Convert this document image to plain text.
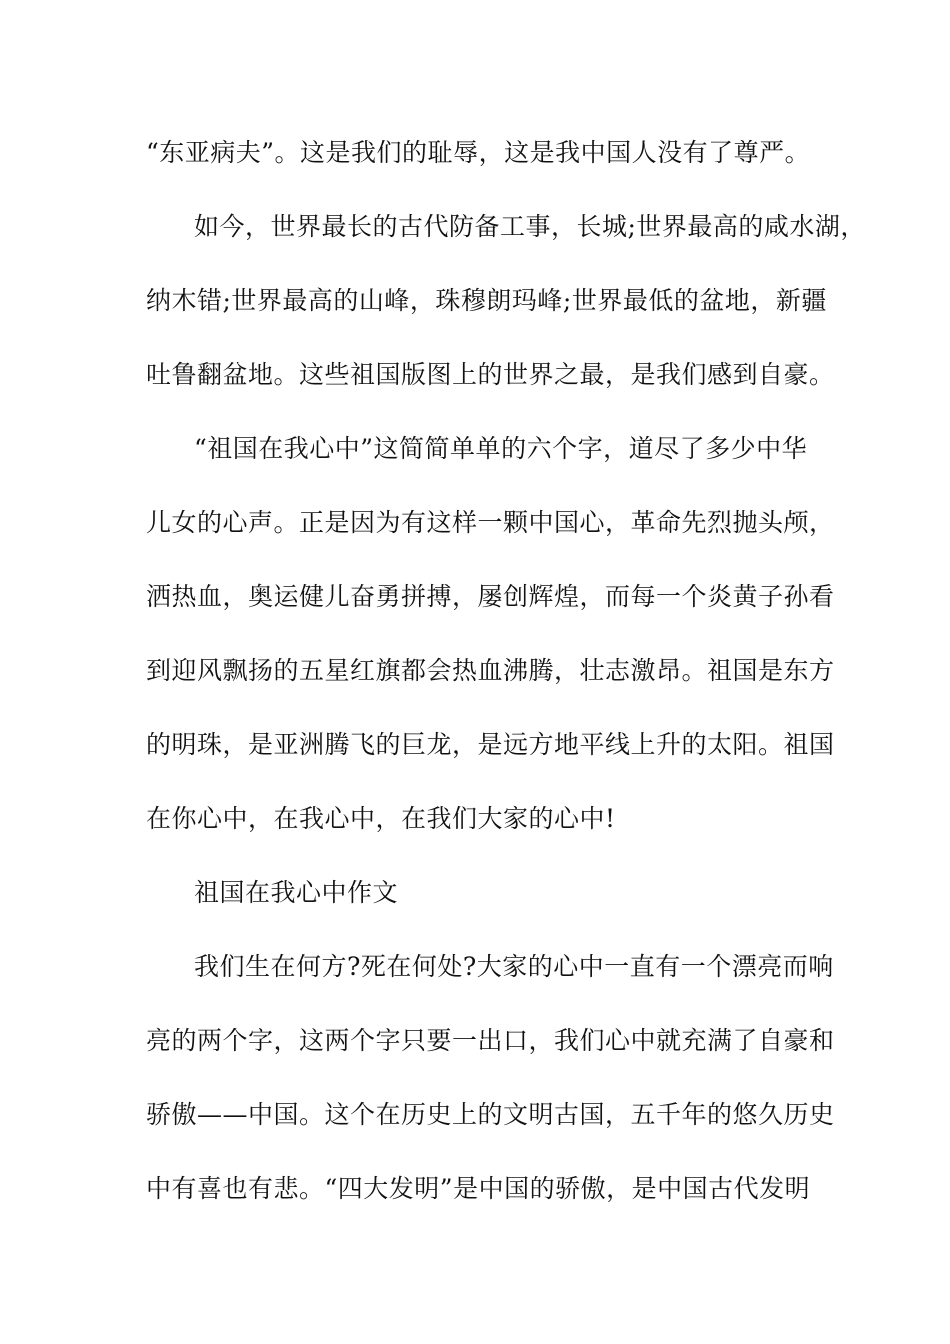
“东亚病夫”。这是我们的耻辱，这是我中国人没有了尊严。
如今，世界最长的古代防备工事，长城;世界最高的咸水湖，
纳木错;世界最高的山峰，珠穆朗玛峰;世界最低的盆地，新疆
吐鲁翻盆地。这些祖国版图上的世界之最，是我们感到自豪。
“祖国在我心中”这简简单单的六个字，道尽了多少中华
儿女的心声。正是因为有这样一颗中国心，革命先烈抛头颅，
洒热血，奥运健儿奋勇拼搏，屡创辉煌，而每一个炎黄子孙看
到迎风飘扬的五星红旗都会热血沸腾，壮志激昂。祖国是东方
的明珠，是亚洲腾飞的巨龙，是远方地平线上升的太阳。祖国
在你心中，在我心中，在我们大家的心中!
祖国在我心中作文
我们生在何方?死在何处?大家的心中一直有一个漂亮而响
亮的两个字，这两个字只要一出口，我们心中就充满了自豪和
骄傲——中国。这个在历史上的文明古国，五千年的悠久历史
中有喜也有悲。“四大发明”是中国的骄傲，是中国古代发明
